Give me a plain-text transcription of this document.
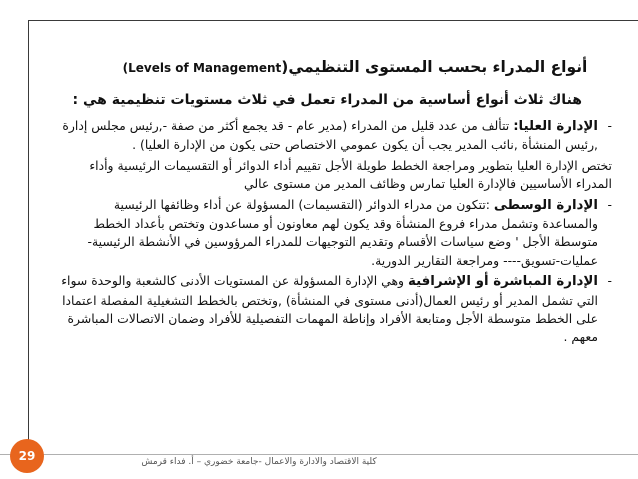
أنواع المدراء بحسب المستوى التنظيمي((Levels of Management
هناك ثلاث أنواع أساسية من المدراء تعمل في ثلاث مستويات تنظيمية هي :
-
الإدارة العليا: تتألف من عدد قليل من المدراء (مدير عام - قد يجمع أكثر من صفة -,رئيس مجلس إدارة ,رئيس المنشأة ,نائب المدير يجب أن يكون عمومي الاختصاص حتى يكون من الإدارة العليا) .
تختص الإدارة العليا بتطوير ومراجعة الخطط طويلة الأجل تقييم أداء الدوائر أو التقسيمات الرئيسية وأداء المدراء الأساسيين فالإدارة العليا تمارس وظائف المدير من مستوى عالي
-
الإدارة الوسطى :تتكون من مدراء الدوائر (التقسيمات) المسؤولة عن أداء وظائفها الرئيسية والمساعدة وتشمل مدراء فروع المنشأة وقد يكون لهم معاونون أو مساعدون وتختص بأعداد الخطط متوسطة الأجل ' وضع سياسات الأقسام وتقديم التوجيهات للمدراء المرؤوسين في الأنشطة الرئيسية-عمليات-تسويق---- ومراجعة التقارير الدورية.
-
الإدارة المباشرة أو الإشرافية وهي الإدارة المسؤولة عن المستويات الأدنى كالشعبة والوحدة سواء التي تشمل المدير أو رئيس العمال(أدنى مستوى في المنشأة) ,وتختص بالخطط التشغيلية المفصلة اعتمادا على الخطط متوسطة الأجل ومتابعة الأفراد وإناطة المهمات التفصيلية للأفراد وضمان الاتصالات المباشرة معهم .
كلية الاقتصاد والادارة والاعمال -جامعة خضوري – أ. فداء قرمش
29
